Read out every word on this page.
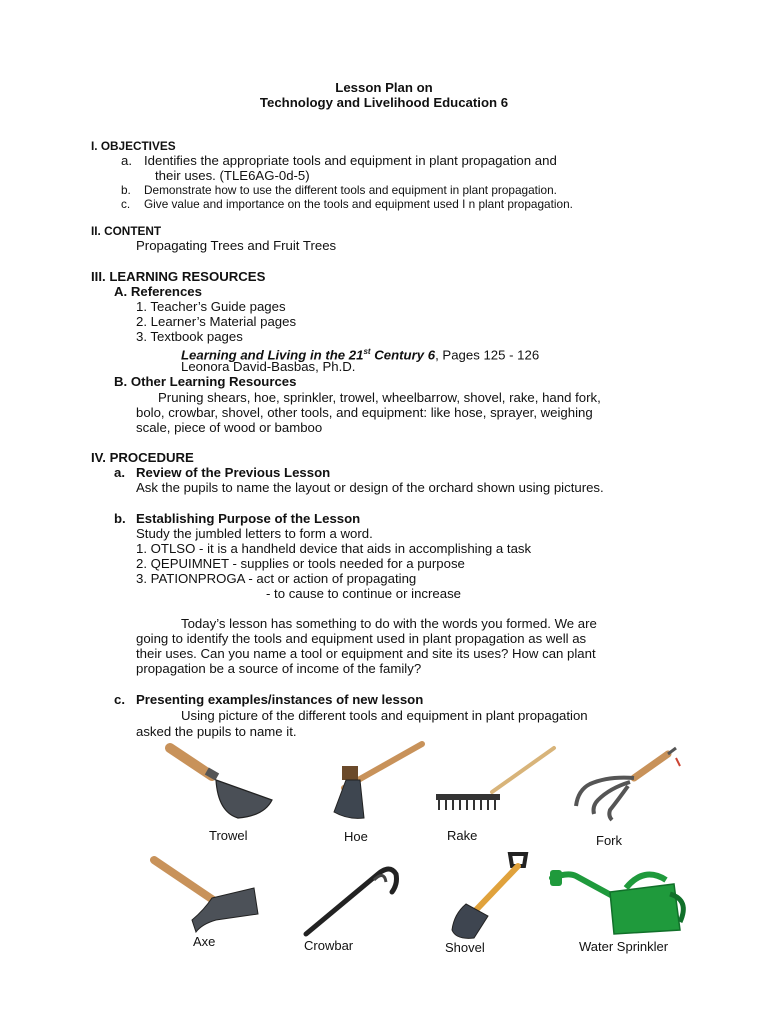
Lesson Plan on
Technology and Livelihood Education 6
I. OBJECTIVES
a. Identifies the appropriate tools and equipment in plant propagation and
their uses. (TLE6AG-0d-5)
b. Demonstrate how to use the different tools and equipment in plant propagation.
c. Give value and importance on the tools and equipment used I n plant propagation.
II. CONTENT
Propagating Trees and Fruit Trees
III. LEARNING RESOURCES
A. References
1. Teacher’s Guide pages
2. Learner’s Material pages
3. Textbook pages
Learning and Living in the 21st Century 6, Pages 125 - 126
Leonora David-Basbas, Ph.D.
B. Other Learning Resources
Pruning shears, hoe, sprinkler, trowel, wheelbarrow, shovel, rake, hand fork,
bolo, crowbar, shovel, other tools, and equipment: like hose, sprayer, weighing
scale, piece of wood or bamboo
IV. PROCEDURE
a. Review of the Previous Lesson
Ask the pupils to name the layout or design of the orchard shown using pictures.
b. Establishing Purpose of the Lesson
Study the jumbled letters to form a word.
1. OTLSO - it is a handheld device that aids in accomplishing a task
2. QEPUIMNET - supplies or tools needed for a purpose
3. PATIONPROGA - act or action of propagating
- to cause to continue or increase
Today’s lesson has something to do with the words you formed. We are
going to identify the tools and equipment used in plant propagation as well as
their uses. Can you name a tool or equipment and site its uses? How can plant
propagation be a source of income of the family?
c. Presenting examples/instances of new lesson
Using picture of the different tools and equipment in plant propagation
asked the pupils to name it.
Trowel	Hoe	Rake	Fork
Axe	Crowbar	Shovel	Water Sprinkler
